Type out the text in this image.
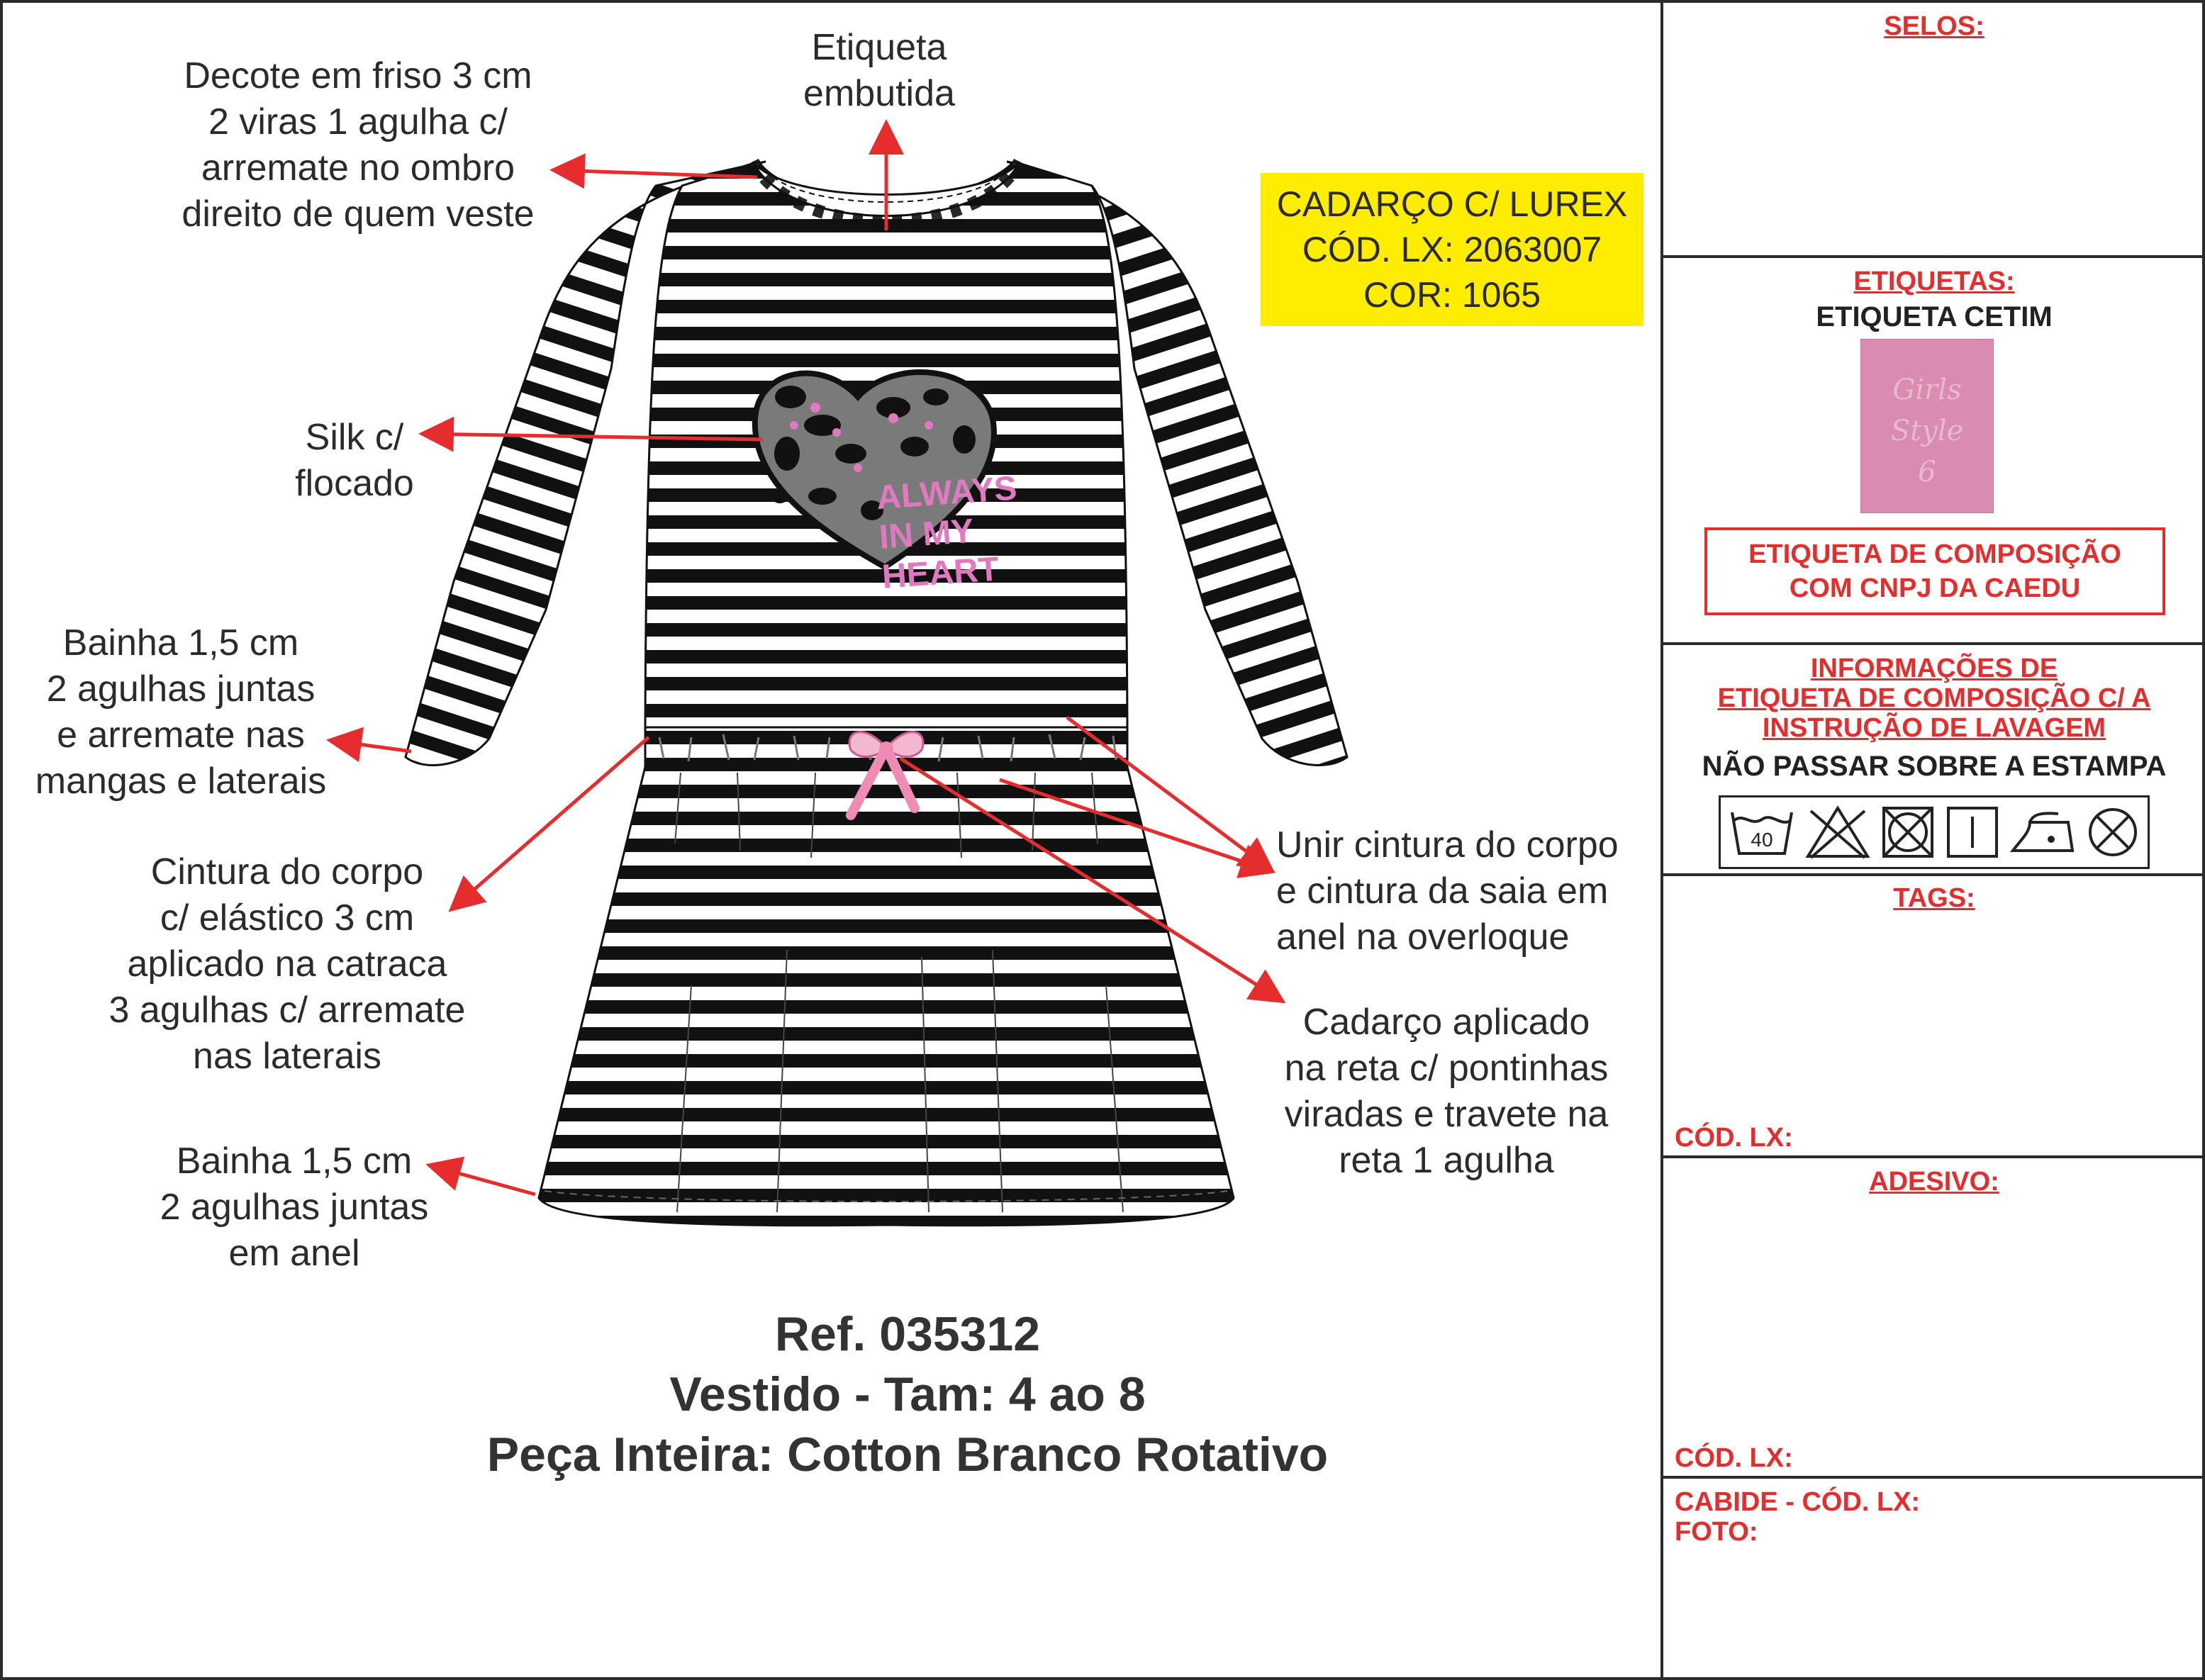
ALWAYS
IN MY
HEART
Decote em friso 3 cm
2 viras 1 agulha c/
arremate no ombro
direito de quem veste
Etiqueta
embutida
Silk c/
flocado
Bainha 1,5 cm
2 agulhas juntas
e arremate nas
mangas e laterais
Cintura do corpo
c/ elástico 3 cm
aplicado na catraca
3 agulhas c/ arremate
nas laterais
Bainha 1,5 cm
2 agulhas juntas
em anel
Unir cintura do corpo
e cintura da saia em
anel na overloque
Cadarço aplicado
na reta c/ pontinhas
viradas e travete na
reta 1 agulha
CADARÇO C/ LUREX
CÓD. LX: 2063007
COR: 1065
Ref. 035312
Vestido - Tam: 4 ao 8
Peça Inteira: Cotton Branco Rotativo
SELOS:
ETIQUETAS:
ETIQUETA CETIM
Girls
Style
6
ETIQUETA DE COMPOSIÇÃO
COM CNPJ DA CAEDU
INFORMAÇÕES DE
ETIQUETA DE COMPOSIÇÃO C/ A
INSTRUÇÃO DE LAVAGEM
NÃO PASSAR SOBRE A ESTAMPA
40
TAGS:
CÓD. LX:
ADESIVO:
CÓD. LX:
CABIDE - CÓD. LX:
FOTO:
